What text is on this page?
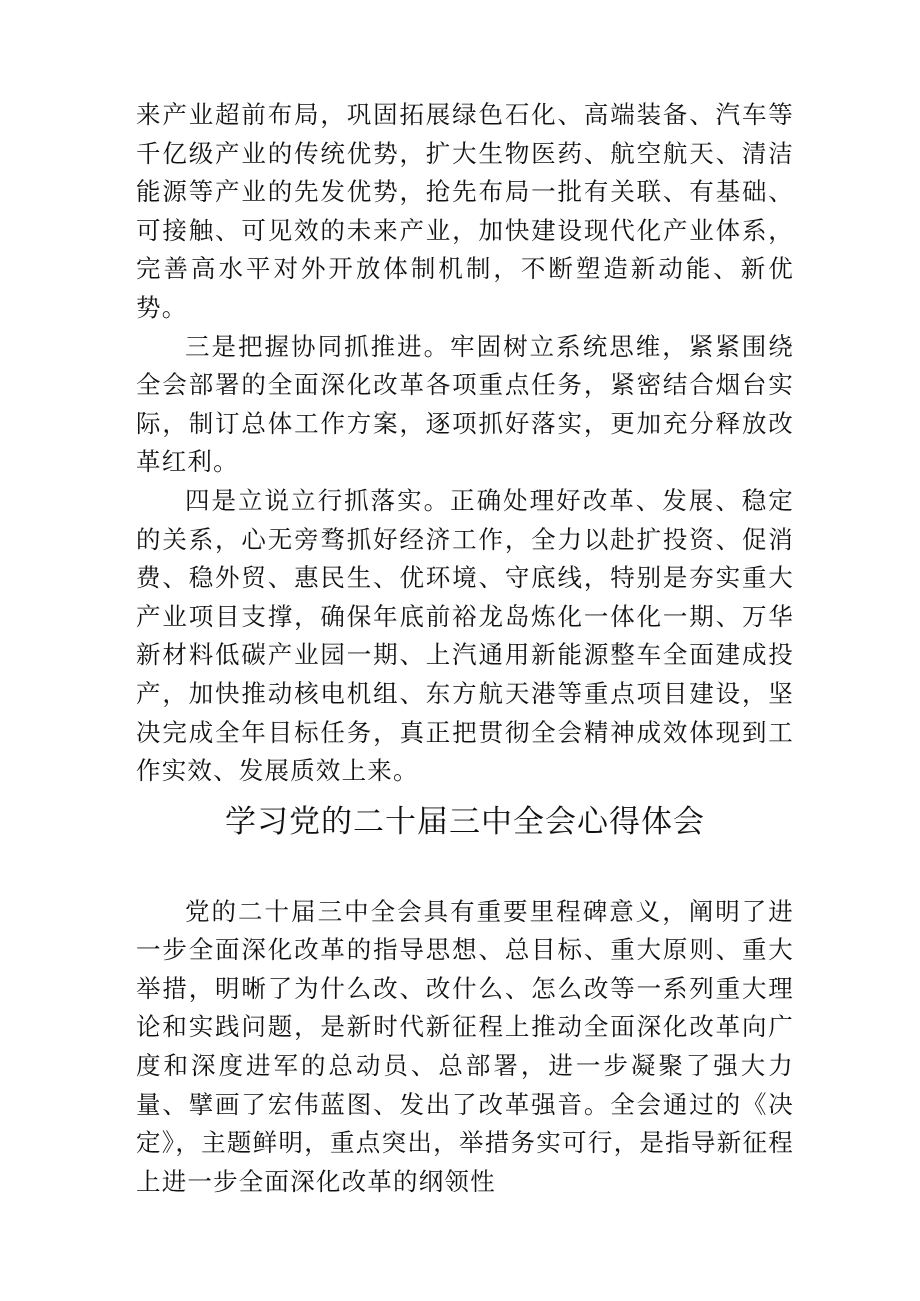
来产业超前布局，巩固拓展绿色石化、高端装备、汽车等千亿级产业的传统优势，扩大生物医药、航空航天、清洁能源等产业的先发优势，抢先布局一批有关联、有基础、可接触、可见效的未来产业，加快建设现代化产业体系，完善高水平对外开放体制机制，不断塑造新动能、新优势。

三是把握协同抓推进。牢固树立系统思维，紧紧围绕全会部署的全面深化改革各项重点任务，紧密结合烟台实际，制订总体工作方案，逐项抓好落实，更加充分释放改革红利。

四是立说立行抓落实。正确处理好改革、发展、稳定的关系，心无旁骛抓好经济工作，全力以赴扩投资、促消费、稳外贸、惠民生、优环境、守底线，特别是夯实重大产业项目支撑，确保年底前裕龙岛炼化一体化一期、万华新材料低碳产业园一期、上汽通用新能源整车全面建成投产，加快推动核电机组、东方航天港等重点项目建设，坚决完成全年目标任务，真正把贯彻全会精神成效体现到工作实效、发展质效上来。

学习党的二十届三中全会心得体会

党的二十届三中全会具有重要里程碑意义，阐明了进一步全面深化改革的指导思想、总目标、重大原则、重大举措，明晰了为什么改、改什么、怎么改等一系列重大理论和实践问题，是新时代新征程上推动全面深化改革向广度和深度进军的总动员、总部署，进一步凝聚了强大力量、擘画了宏伟蓝图、发出了改革强音。全会通过的《决定》，主题鲜明，重点突出，举措务实可行，是指导新征程上进一步全面深化改革的纲领性
